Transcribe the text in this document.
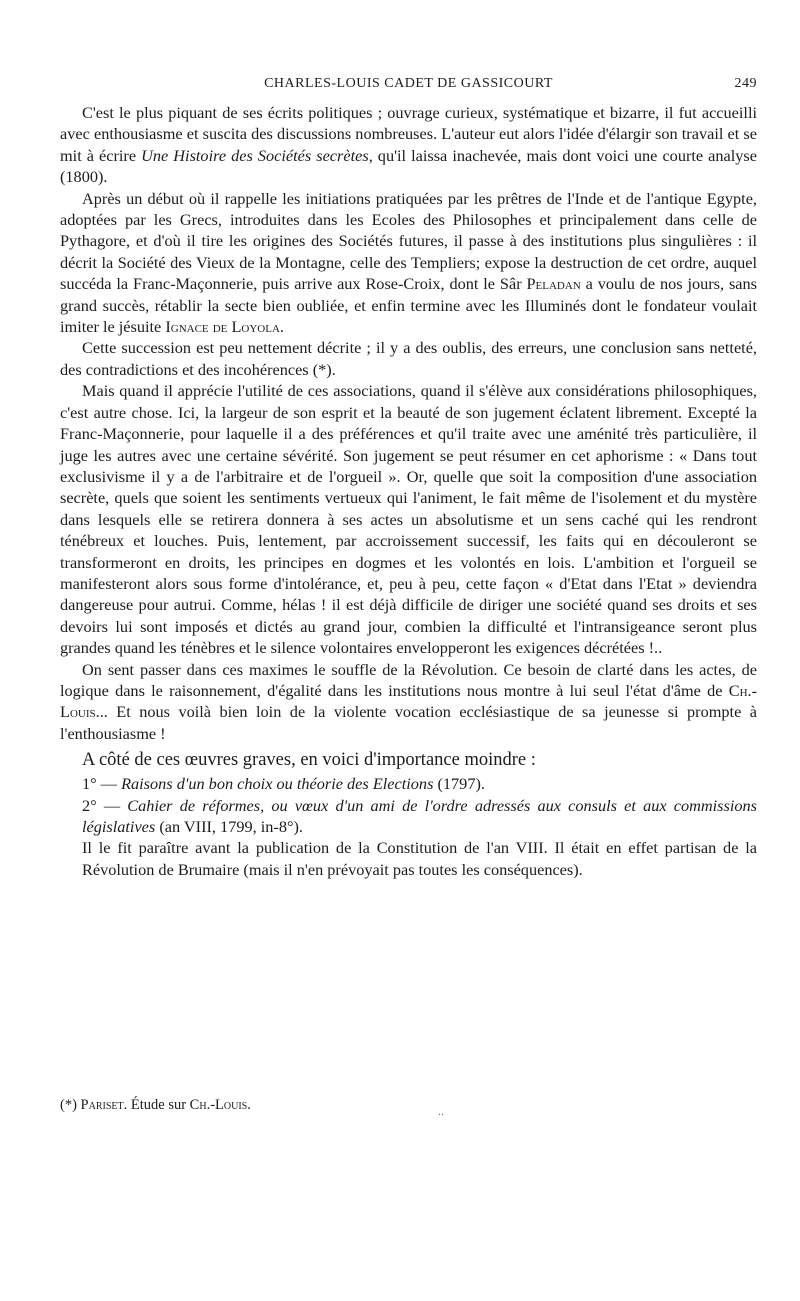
CHARLES-LOUIS CADET DE GASSICOURT	249

C'est le plus piquant de ses écrits politiques ; ouvrage curieux, systématique et bizarre, il fut accueilli avec enthousiasme et suscita des discussions nombreuses. L'auteur eut alors l'idée d'élargir son travail et se mit à écrire Une Histoire des Sociétés secrètes, qu'il laissa inachevée, mais dont voici une courte analyse (1800).

Après un début où il rappelle les initiations pratiquées par les prêtres de l'Inde et de l'antique Egypte, adoptées par les Grecs, introduites dans les Ecoles des Philosophes et principalement dans celle de Pythagore, et d'où il tire les origines des Sociétés futures, il passe à des institutions plus singulières : il décrit la Société des Vieux de la Montagne, celle des Templiers; expose la destruction de cet ordre, auquel succéda la Franc-Maçonnerie, puis arrive aux Rose-Croix, dont le Sâr Peladan a voulu de nos jours, sans grand succès, rétablir la secte bien oubliée, et enfin termine avec les Illuminés dont le fondateur voulait imiter le jésuite Ignace de Loyola.

Cette succession est peu nettement décrite ; il y a des oublis, des erreurs, une conclusion sans netteté, des contradictions et des incohérences (*).

Mais quand il apprécie l'utilité de ces associations, quand il s'élève aux considérations philosophiques, c'est autre chose. Ici, la largeur de son esprit et la beauté de son jugement éclatent librement. Excepté la Franc-Maçonnerie, pour laquelle il a des préférences et qu'il traite avec une aménité très particulière, il juge les autres avec une certaine sévérité. Son jugement se peut résumer en cet aphorisme : « Dans tout exclusivisme il y a de l'arbitraire et de l'orgueil ». Or, quelle que soit la composition d'une association secrète, quels que soient les sentiments vertueux qui l'animent, le fait même de l'isolement et du mystère dans lesquels elle se retirera donnera à ses actes un absolutisme et un sens caché qui les rendront ténébreux et louches. Puis, lentement, par accroissement successif, les faits qui en découleront se transformeront en droits, les principes en dogmes et les volontés en lois. L'ambition et l'orgueil se manifesteront alors sous forme d'intolérance, et, peu à peu, cette façon « d'Etat dans l'Etat » deviendra dangereuse pour autrui. Comme, hélas ! il est déjà difficile de diriger une société quand ses droits et ses devoirs lui sont imposés et dictés au grand jour, combien la difficulté et l'intransigeance seront plus grandes quand les ténèbres et le silence volontaires envelopperont les exigences décrétées !..

On sent passer dans ces maximes le souffle de la Révolution. Ce besoin de clarté dans les actes, de logique dans le raisonnement, d'égalité dans les institutions nous montre à lui seul l'état d'âme de Ch.-Louis... Et nous voilà bien loin de la violente vocation ecclésiastique de sa jeunesse si prompte à l'enthousiasme !

A côté de ces œuvres graves, en voici d'importance moindre :

1° — Raisons d'un bon choix ou théorie des Elections (1797).

2° — Cahier de réformes, ou vœux d'un ami de l'ordre adressés aux consuls et aux commissions législatives (an VIII, 1799, in-8°).

Il le fit paraître avant la publication de la Constitution de l'an VIII. Il était en effet partisan de la Révolution de Brumaire (mais il n'en prévoyait pas toutes les conséquences).

(*) Pariset. Étude sur Ch.-Louis.	..
